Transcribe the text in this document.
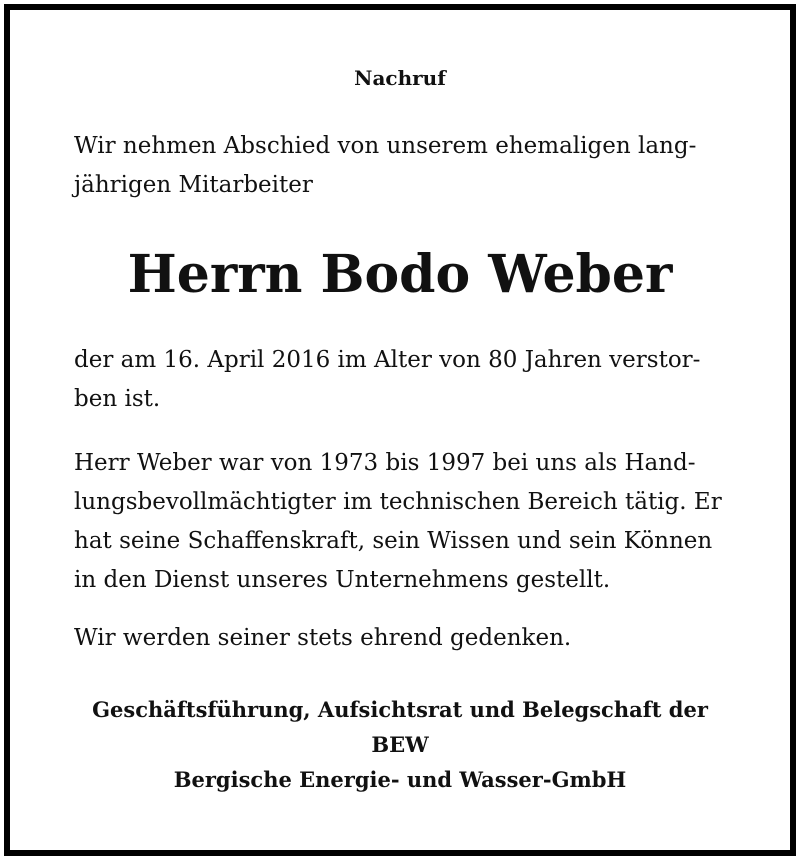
Nachruf
Wir nehmen Abschied von unserem ehemaligen lang-
jährigen Mitarbeiter
Herrn Bodo Weber
der am 16. April 2016 im Alter von 80 Jahren verstor-
ben ist.
Herr Weber war von 1973 bis 1997 bei uns als Hand-
lungsbevollmächtigter im technischen Bereich tätig. Er
hat seine Schaffenskraft, sein Wissen und sein Können
in den Dienst unseres Unternehmens gestellt.
Wir werden seiner stets ehrend gedenken.
Geschäftsführung, Aufsichtsrat und Belegschaft der
BEW
Bergische Energie- und Wasser-GmbH
